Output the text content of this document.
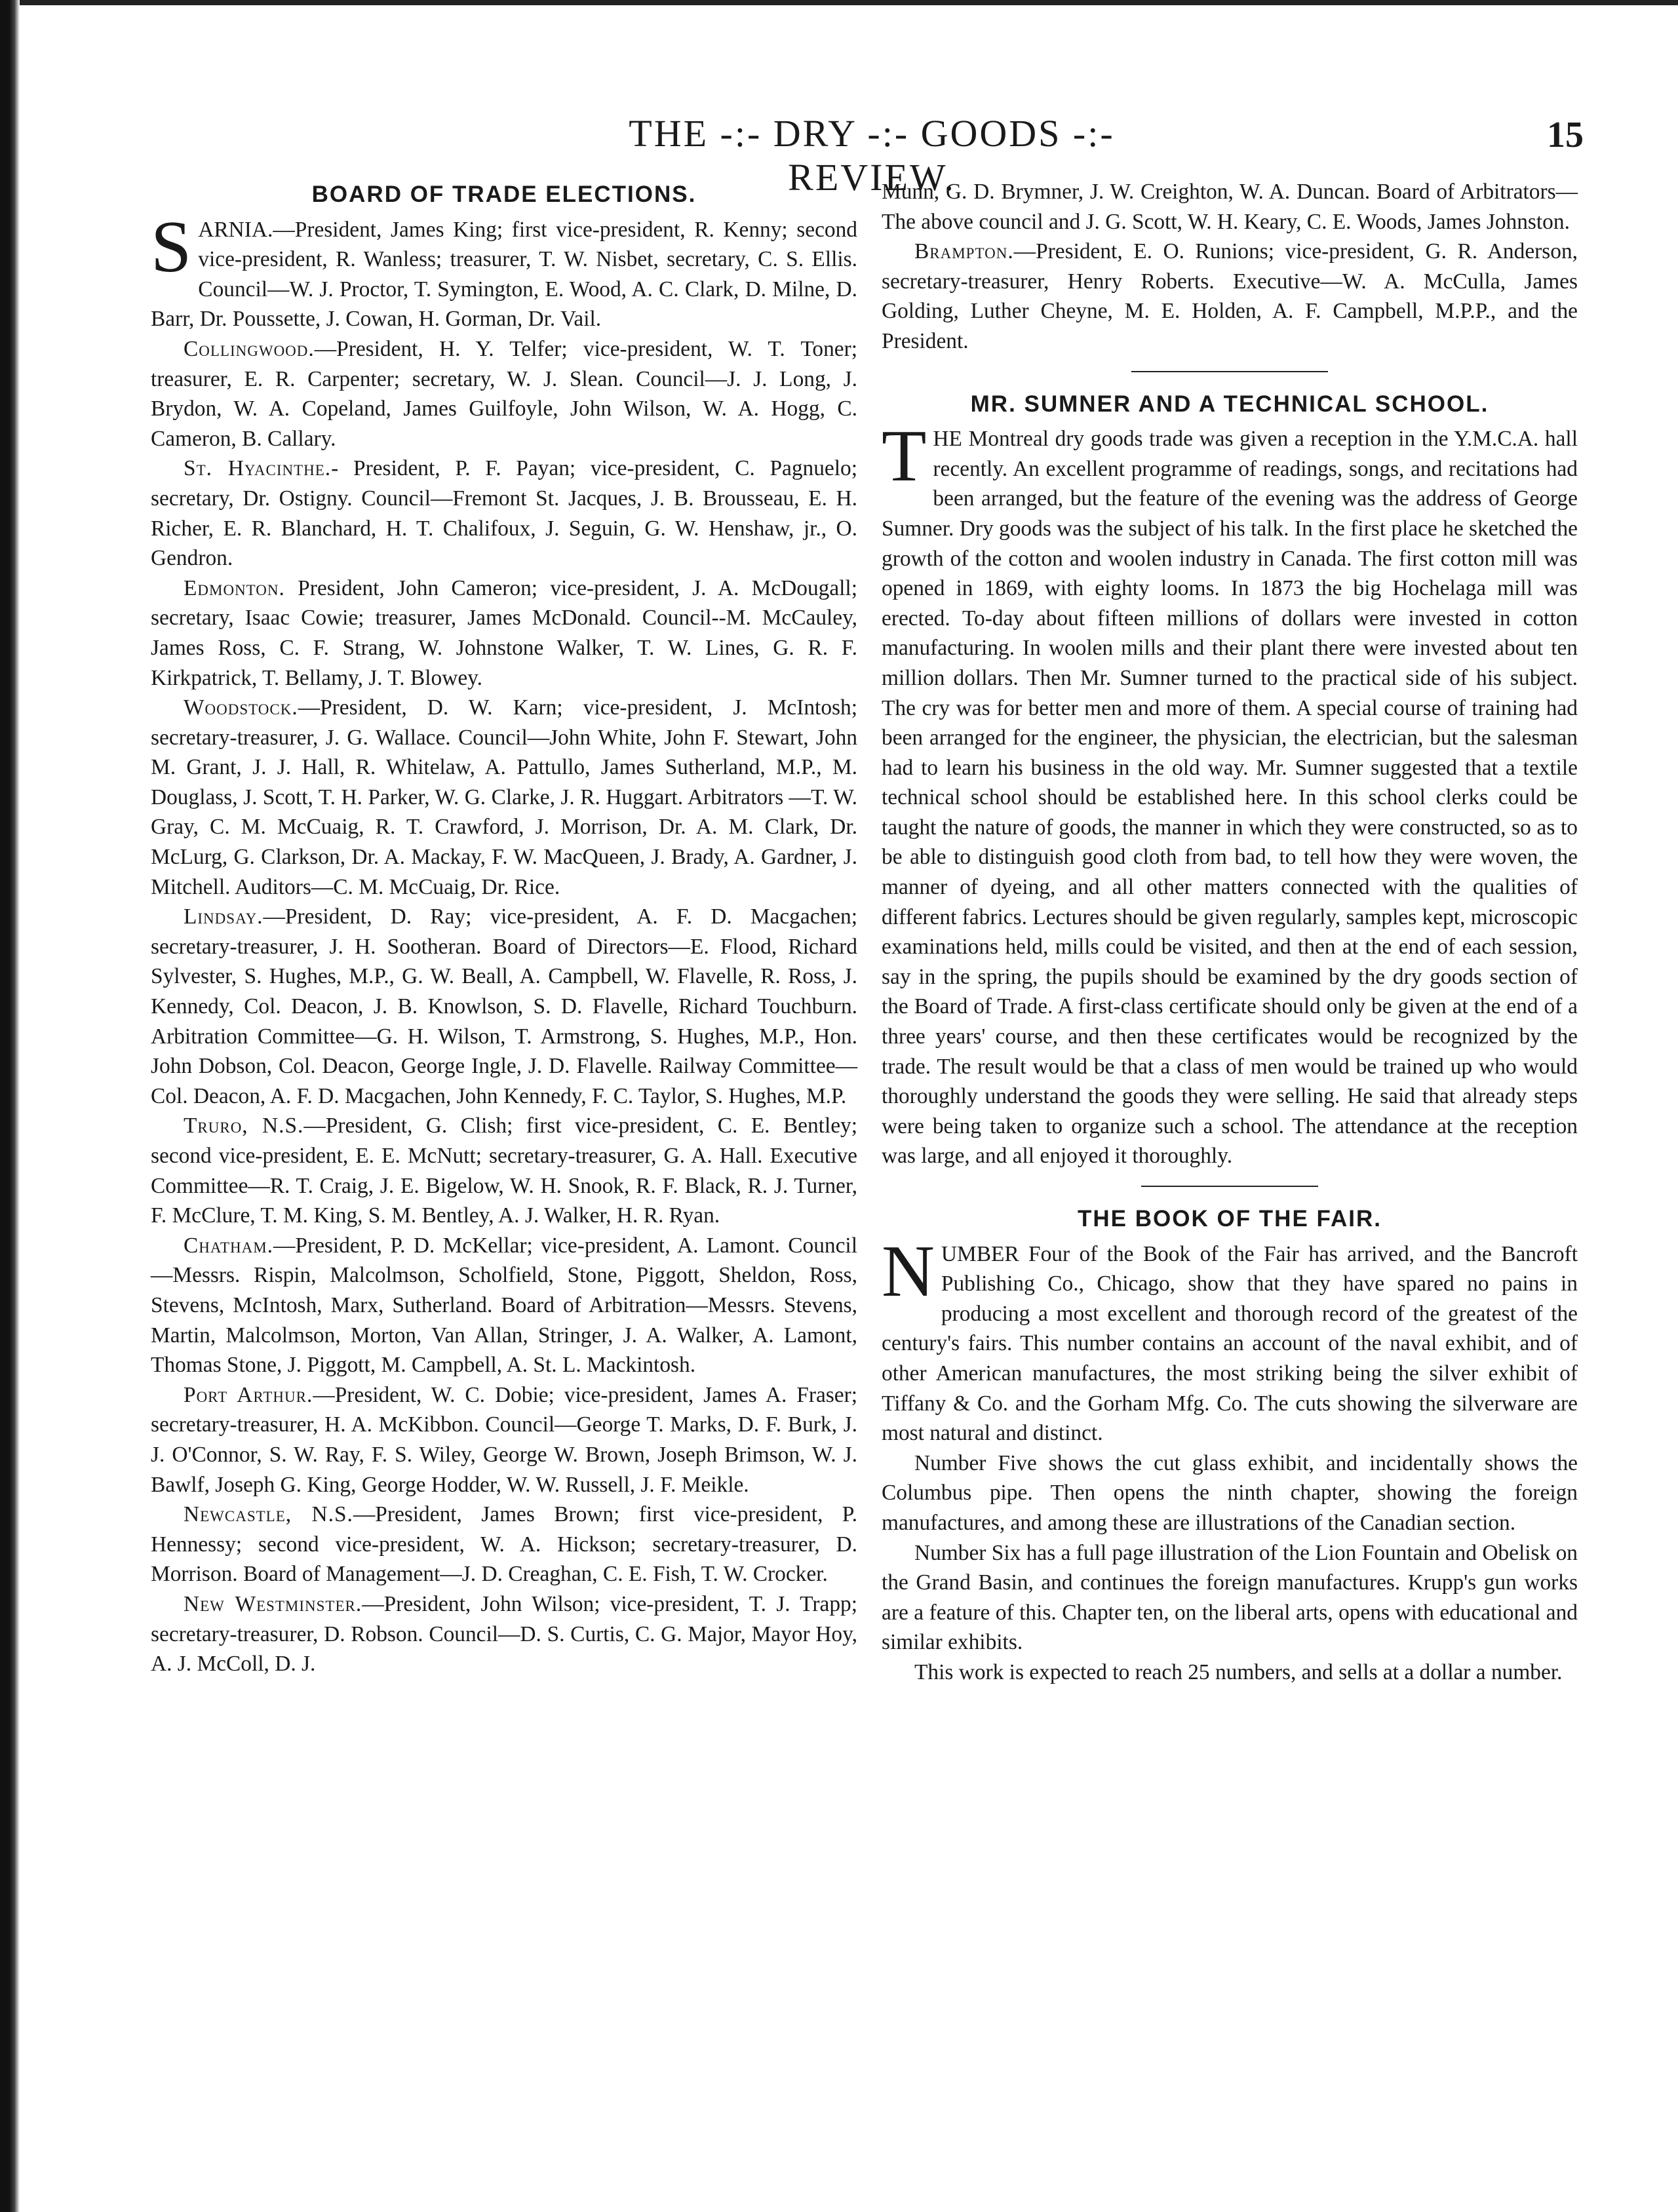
THE -:- DRY -:- GOODS -:- REVIEW.
15
BOARD OF TRADE ELECTIONS.

SARNIA.—President, James King; first vice-president, R. Kenny; second vice-president, R. Wanless; treasurer, T. W. Nisbet, secretary, C. S. Ellis. Council—W. J. Proctor, T. Symington, E. Wood, A. C. Clark, D. Milne, D. Barr, Dr. Poussette, J. Cowan, H. Gorman, Dr. Vail.

Collingwood.—President, H. Y. Telfer; vice-president, W. T. Toner; treasurer, E. R. Carpenter; secretary, W. J. Slean. Council—J. J. Long, J. Brydon, W. A. Copeland, James Guilfoyle, John Wilson, W. A. Hogg, C. Cameron, B. Callary.

St. Hyacinthe.- President, P. F. Payan; vice-president, C. Pagnuelo; secretary, Dr. Ostigny. Council—Fremont St. Jacques, J. B. Brousseau, E. H. Richer, E. R. Blanchard, H. T. Chalifoux, J. Seguin, G. W. Henshaw, jr., O. Gendron.

Edmonton. President, John Cameron; vice-president, J. A. McDougall; secretary, Isaac Cowie; treasurer, James McDonald. Council--M. McCauley, James Ross, C. F. Strang, W. Johnstone Walker, T. W. Lines, G. R. F. Kirkpatrick, T. Bellamy, J. T. Blowey.

Woodstock.—President, D. W. Karn; vice-president, J. McIntosh; secretary-treasurer, J. G. Wallace. Council—John White, John F. Stewart, John M. Grant, J. J. Hall, R. Whitelaw, A. Pattullo, James Sutherland, M.P., M. Douglass, J. Scott, T. H. Parker, W. G. Clarke, J. R. Huggart. Arbitrators —T. W. Gray, C. M. McCuaig, R. T. Crawford, J. Morrison, Dr. A. M. Clark, Dr. McLurg, G. Clarkson, Dr. A. Mackay, F. W. MacQueen, J. Brady, A. Gardner, J. Mitchell. Auditors—C. M. McCuaig, Dr. Rice.

Lindsay.—President, D. Ray; vice-president, A. F. D. Macgachen; secretary-treasurer, J. H. Sootheran. Board of Directors—E. Flood, Richard Sylvester, S. Hughes, M.P., G. W. Beall, A. Campbell, W. Flavelle, R. Ross, J. Kennedy, Col. Deacon, J. B. Knowlson, S. D. Flavelle, Richard Touchburn. Arbitration Committee—G. H. Wilson, T. Armstrong, S. Hughes, M.P., Hon. John Dobson, Col. Deacon, George Ingle, J. D. Flavelle. Railway Committee—Col. Deacon, A. F. D. Macgachen, John Kennedy, F. C. Taylor, S. Hughes, M.P.

Truro, N.S.—President, G. Clish; first vice-president, C. E. Bentley; second vice-president, E. E. McNutt; secretary-treasurer, G. A. Hall. Executive Committee—R. T. Craig, J. E. Bigelow, W. H. Snook, R. F. Black, R. J. Turner, F. McClure, T. M. King, S. M. Bentley, A. J. Walker, H. R. Ryan.

Chatham.—President, P. D. McKellar; vice-president, A. Lamont. Council—Messrs. Rispin, Malcolmson, Scholfield, Stone, Piggott, Sheldon, Ross, Stevens, McIntosh, Marx, Sutherland. Board of Arbitration—Messrs. Stevens, Martin, Malcolmson, Morton, Van Allan, Stringer, J. A. Walker, A. Lamont, Thomas Stone, J. Piggott, M. Campbell, A. St. L. Mackintosh.

Port Arthur.—President, W. C. Dobie; vice-president, James A. Fraser; secretary-treasurer, H. A. McKibbon. Council—George T. Marks, D. F. Burk, J. J. O'Connor, S. W. Ray, F. S. Wiley, George W. Brown, Joseph Brimson, W. J. Bawlf, Joseph G. King, George Hodder, W. W. Russell, J. F. Meikle.

Newcastle, N.S.—President, James Brown; first vice-president, P. Hennessy; second vice-president, W. A. Hickson; secretary-treasurer, D. Morrison. Board of Management—J. D. Creaghan, C. E. Fish, T. W. Crocker.

New Westminster.—President, John Wilson; vice-president, T. J. Trapp; secretary-treasurer, D. Robson. Council—D. S. Curtis, C. G. Major, Mayor Hoy, A. J. McColl, D. J.

Munn, G. D. Brymner, J. W. Creighton, W. A. Duncan. Board of Arbitrators—The above council and J. G. Scott, W. H. Keary, C. E. Woods, James Johnston.

Brampton.—President, E. O. Runions; vice-president, G. R. Anderson, secretary-treasurer, Henry Roberts. Executive—W. A. McCulla, James Golding, Luther Cheyne, M. E. Holden, A. F. Campbell, M.P.P., and the President.

MR. SUMNER AND A TECHNICAL SCHOOL.

THE Montreal dry goods trade was given a reception in the Y.M.C.A. hall recently. An excellent programme of readings, songs, and recitations had been arranged, but the feature of the evening was the address of George Sumner. Dry goods was the subject of his talk. In the first place he sketched the growth of the cotton and woolen industry in Canada. The first cotton mill was opened in 1869, with eighty looms. In 1873 the big Hochelaga mill was erected. To-day about fifteen millions of dollars were invested in cotton manufacturing. In woolen mills and their plant there were invested about ten million dollars. Then Mr. Sumner turned to the practical side of his subject. The cry was for better men and more of them. A special course of training had been arranged for the engineer, the physician, the electrician, but the salesman had to learn his business in the old way. Mr. Sumner suggested that a textile technical school should be established here. In this school clerks could be taught the nature of goods, the manner in which they were constructed, so as to be able to distinguish good cloth from bad, to tell how they were woven, the manner of dyeing, and all other matters connected with the qualities of different fabrics. Lectures should be given regularly, samples kept, microscopic examinations held, mills could be visited, and then at the end of each session, say in the spring, the pupils should be examined by the dry goods section of the Board of Trade. A first-class certificate should only be given at the end of a three years' course, and then these certificates would be recognized by the trade. The result would be that a class of men would be trained up who would thoroughly understand the goods they were selling. He said that already steps were being taken to organize such a school. The attendance at the reception was large, and all enjoyed it thoroughly.

THE BOOK OF THE FAIR.

NUMBER Four of the Book of the Fair has arrived, and the Bancroft Publishing Co., Chicago, show that they have spared no pains in producing a most excellent and thorough record of the greatest of the century's fairs. This number contains an account of the naval exhibit, and of other American manufactures, the most striking being the silver exhibit of Tiffany & Co. and the Gorham Mfg. Co. The cuts showing the silverware are most natural and distinct.

Number Five shows the cut glass exhibit, and incidentally shows the Columbus pipe. Then opens the ninth chapter, showing the foreign manufactures, and among these are illustrations of the Canadian section.

Number Six has a full page illustration of the Lion Fountain and Obelisk on the Grand Basin, and continues the foreign manufactures. Krupp's gun works are a feature of this. Chapter ten, on the liberal arts, opens with educational and similar exhibits.

This work is expected to reach 25 numbers, and sells at a dollar a number.
